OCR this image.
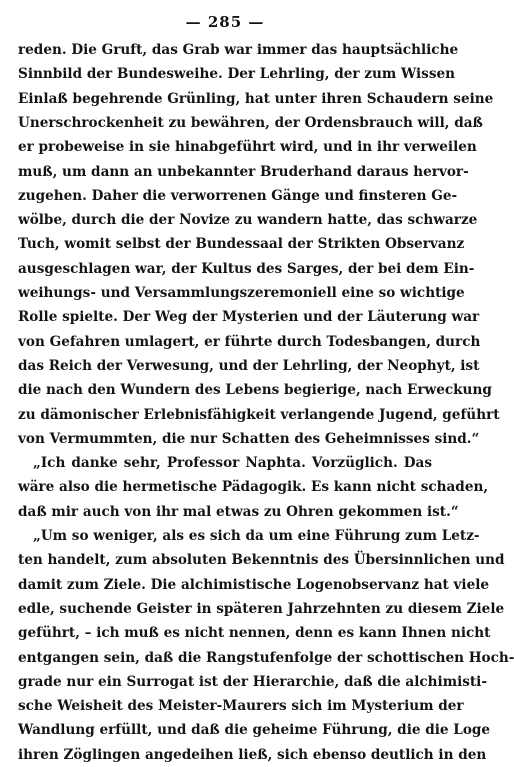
— 285 —
reden. Die Gruft, das Grab war immer das hauptsächliche
Sinnbild der Bundesweihe. Der Lehrling, der zum Wissen
Einlaß begehrende Grünling, hat unter ihren Schaudern seine
Unerschrockenheit zu bewähren, der Ordensbrauch will, daß
er probeweise in sie hinabgeführt wird, und in ihr verweilen
muß, um dann an unbekannter Bruderhand daraus hervor-
zugehen. Daher die verworrenen Gänge und finsteren Ge-
wölbe, durch die der Novize zu wandern hatte, das schwarze
Tuch, womit selbst der Bundessaal der Strikten Observanz
ausgeschlagen war, der Kultus des Sarges, der bei dem Ein-
weihungs- und Versammlungszeremoniell eine so wichtige
Rolle spielte. Der Weg der Mysterien und der Läuterung war
von Gefahren umlagert, er führte durch Todesbangen, durch
das Reich der Verwesung, und der Lehrling, der Neophyt, ist
die nach den Wundern des Lebens begierige, nach Erweckung
zu dämonischer Erlebnisfähigkeit verlangende Jugend, geführt
von Vermummten, die nur Schatten des Geheimnisses sind.“
„Ich danke sehr, Professor Naphta. Vorzüglich. Das
wäre also die hermetische Pädagogik. Es kann nicht schaden,
daß mir auch von ihr mal etwas zu Ohren gekommen ist.“
„Um so weniger, als es sich da um eine Führung zum Letz-
ten handelt, zum absoluten Bekenntnis des Übersinnlichen und
damit zum Ziele. Die alchimistische Logenobservanz hat viele
edle, suchende Geister in späteren Jahrzehnten zu diesem Ziele
geführt, – ich muß es nicht nennen, denn es kann Ihnen nicht
entgangen sein, daß die Rangstufenfolge der schottischen Hoch-
grade nur ein Surrogat ist der Hierarchie, daß die alchimisti-
sche Weisheit des Meister-Maurers sich im Mysterium der
Wandlung erfüllt, und daß die geheime Führung, die die Loge
ihren Zöglingen angedeihen ließ, sich ebenso deutlich in den
